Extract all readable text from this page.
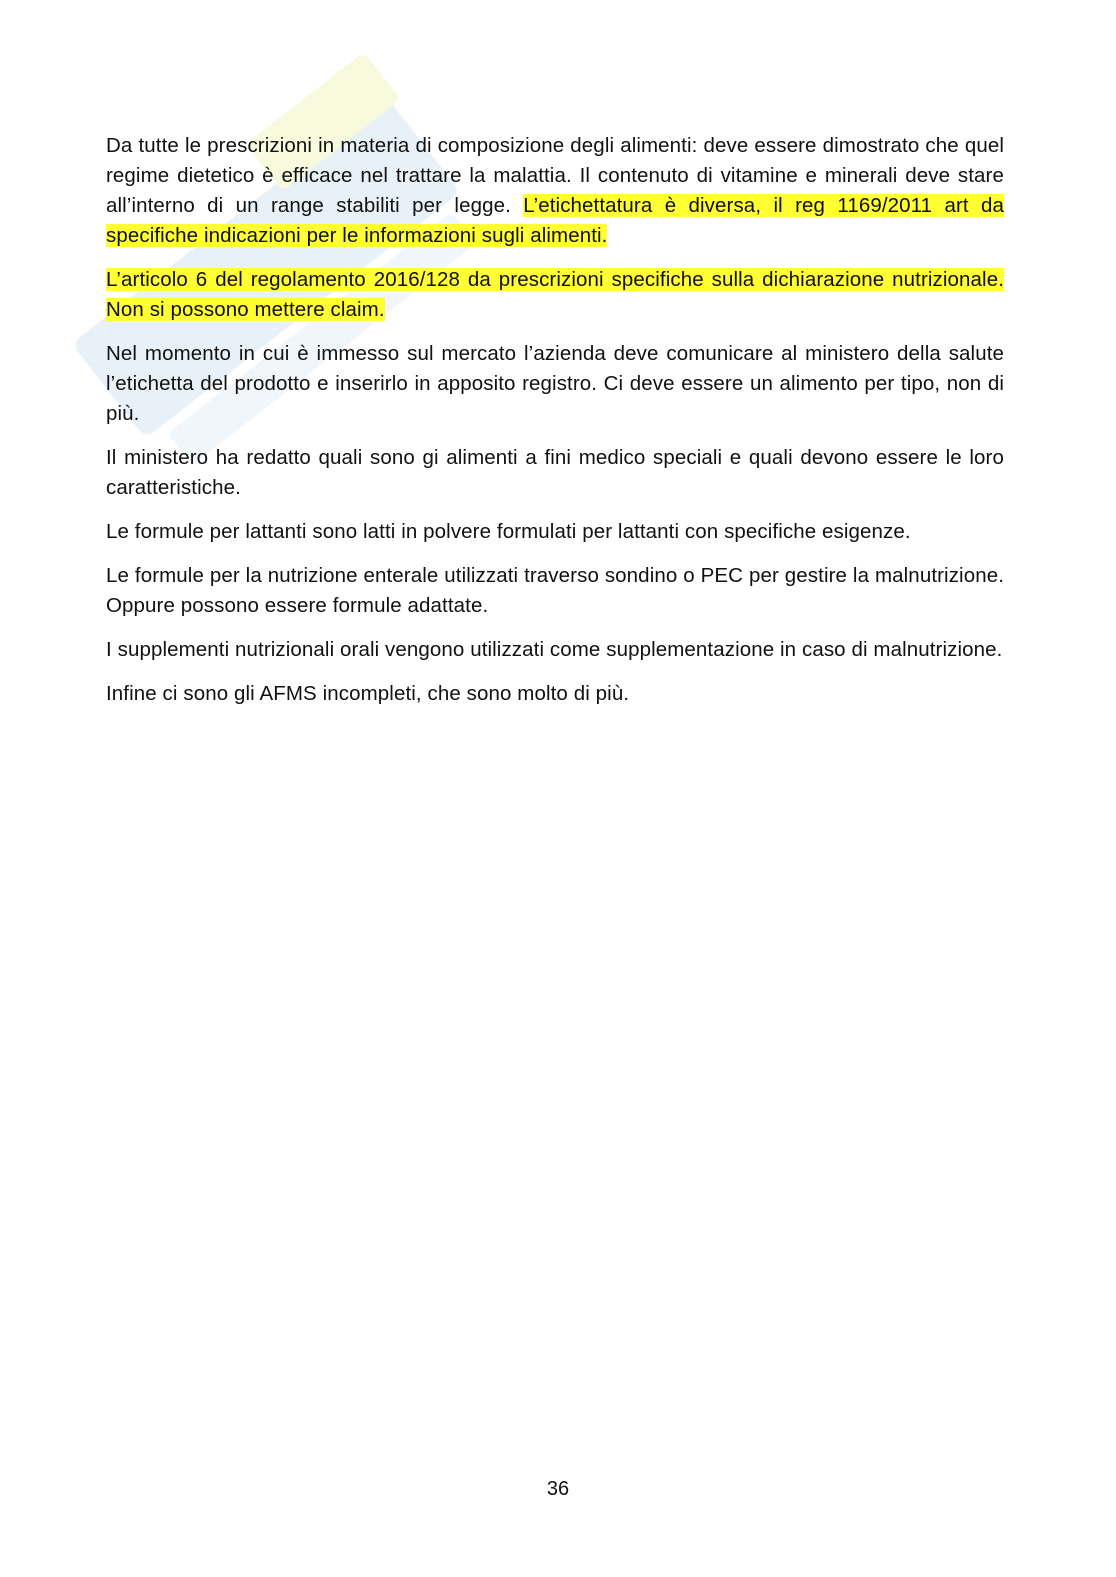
Da tutte le prescrizioni in materia di composizione degli alimenti: deve essere dimostrato che quel regime dietetico è efficace nel trattare la malattia. Il contenuto di vitamine e minerali deve stare all’interno di un range stabiliti per legge. L’etichettatura è diversa, il reg 1169/2011 art da specifiche indicazioni per le informazioni sugli alimenti.

L’articolo 6 del regolamento 2016/128 da prescrizioni specifiche sulla dichiarazione nutrizionale. Non si possono mettere claim.

Nel momento in cui è immesso sul mercato l’azienda deve comunicare al ministero della salute l’etichetta del prodotto e inserirlo in apposito registro. Ci deve essere un alimento per tipo, non di più.

Il ministero ha redatto quali sono gi alimenti a fini medico speciali e quali devono essere le loro caratteristiche.

Le formule per lattanti sono latti in polvere formulati per lattanti con specifiche esigenze.

Le formule per la nutrizione enterale utilizzati traverso sondino o PEC per gestire la malnutrizione. Oppure possono essere formule adattate.

I supplementi nutrizionali orali vengono utilizzati come supplementazione in caso di malnutrizione.

Infine ci sono gli AFMS incompleti, che sono molto di più.

36
